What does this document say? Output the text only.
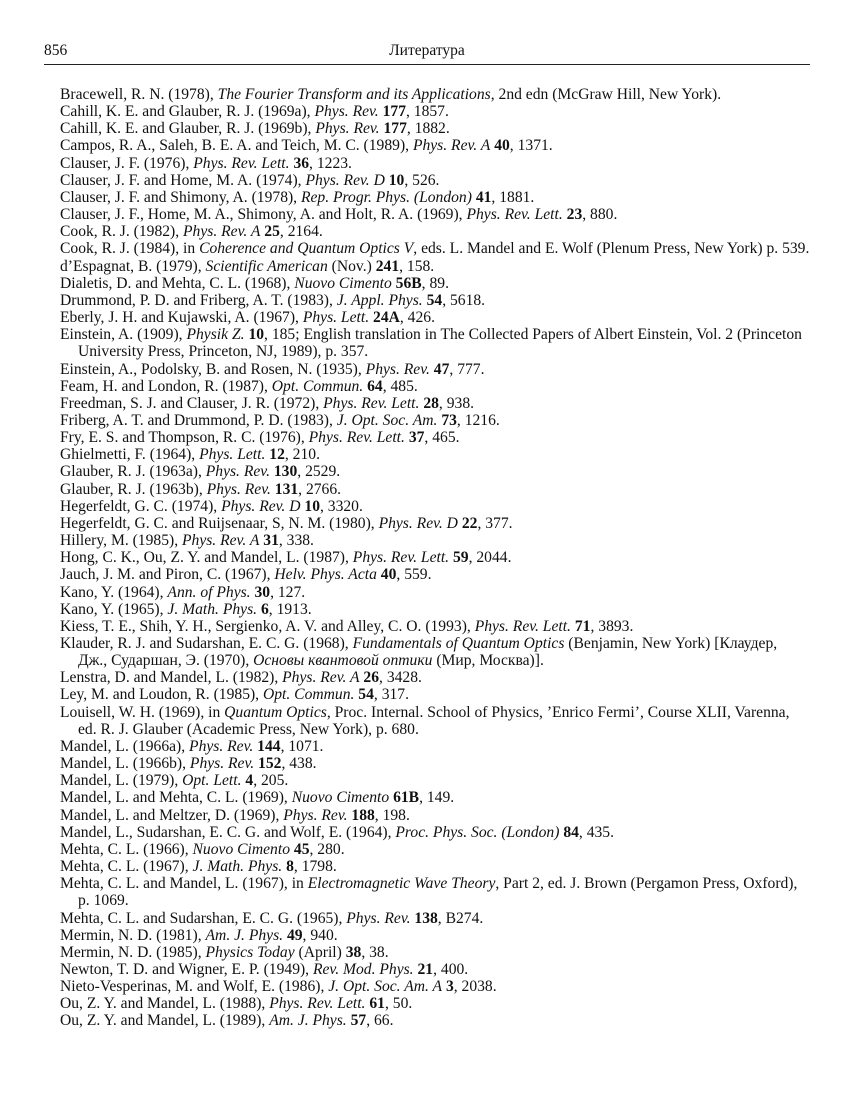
856	Литература
Bracewell, R. N. (1978), The Fourier Transform and its Applications, 2nd edn (McGraw Hill, New York).
Cahill, K. E. and Glauber, R. J. (1969a), Phys. Rev. 177, 1857.
Cahill, K. E. and Glauber, R. J. (1969b), Phys. Rev. 177, 1882.
Campos, R. A., Saleh, B. E. A. and Teich, M. C. (1989), Phys. Rev. A 40, 1371.
Clauser, J. F. (1976), Phys. Rev. Lett. 36, 1223.
Clauser, J. F. and Home, M. A. (1974), Phys. Rev. D 10, 526.
Clauser, J. F. and Shimony, A. (1978), Rep. Progr. Phys. (London) 41, 1881.
Clauser, J. F., Home, M. A., Shimony, A. and Holt, R. A. (1969), Phys. Rev. Lett. 23, 880.
Cook, R. J. (1982), Phys. Rev. A 25, 2164.
Cook, R. J. (1984), in Coherence and Quantum Optics V, eds. L. Mandel and E. Wolf (Plenum Press, New York) p. 539.
d’Espagnat, B. (1979), Scientific American (Nov.) 241, 158.
Dialetis, D. and Mehta, C. L. (1968), Nuovo Cimento 56B, 89.
Drummond, P. D. and Friberg, A. T. (1983), J. Appl. Phys. 54, 5618.
Eberly, J. H. and Kujawski, A. (1967), Phys. Lett. 24A, 426.
Einstein, A. (1909), Physik Z. 10, 185; English translation in The Collected Papers of Albert Einstein, Vol. 2 (Princeton University Press, Princeton, NJ, 1989), p. 357.
Einstein, A., Podolsky, B. and Rosen, N. (1935), Phys. Rev. 47, 777.
Feam, H. and London, R. (1987), Opt. Commun. 64, 485.
Freedman, S. J. and Clauser, J. R. (1972), Phys. Rev. Lett. 28, 938.
Friberg, A. T. and Drummond, P. D. (1983), J. Opt. Soc. Am. 73, 1216.
Fry, E. S. and Thompson, R. C. (1976), Phys. Rev. Lett. 37, 465.
Ghielmetti, F. (1964), Phys. Lett. 12, 210.
Glauber, R. J. (1963a), Phys. Rev. 130, 2529.
Glauber, R. J. (1963b), Phys. Rev. 131, 2766.
Hegerfeldt, G. C. (1974), Phys. Rev. D 10, 3320.
Hegerfeldt, G. C. and Ruijsenaar, S, N. M. (1980), Phys. Rev. D 22, 377.
Hillery, M. (1985), Phys. Rev. A 31, 338.
Hong, C. K., Ou, Z. Y. and Mandel, L. (1987), Phys. Rev. Lett. 59, 2044.
Jauch, J. M. and Piron, C. (1967), Helv. Phys. Acta 40, 559.
Kano, Y. (1964), Ann. of Phys. 30, 127.
Kano, Y. (1965), J. Math. Phys. 6, 1913.
Kiess, T. E., Shih, Y. H., Sergienko, A. V. and Alley, C. O. (1993), Phys. Rev. Lett. 71, 3893.
Klauder, R. J. and Sudarshan, E. C. G. (1968), Fundamentals of Quantum Optics (Benjamin, New York) [Клаудер, Дж., Сударшан, Э. (1970), Основы квантовой оптики (Мир, Москва)].
Lenstra, D. and Mandel, L. (1982), Phys. Rev. A 26, 3428.
Ley, M. and Loudon, R. (1985), Opt. Commun. 54, 317.
Louisell, W. H. (1969), in Quantum Optics, Proc. Internal. School of Physics, ’Enrico Fermi’, Course XLII, Varenna, ed. R. J. Glauber (Academic Press, New York), p. 680.
Mandel, L. (1966a), Phys. Rev. 144, 1071.
Mandel, L. (1966b), Phys. Rev. 152, 438.
Mandel, L. (1979), Opt. Lett. 4, 205.
Mandel, L. and Mehta, C. L. (1969), Nuovo Cimento 61B, 149.
Mandel, L. and Meltzer, D. (1969), Phys. Rev. 188, 198.
Mandel, L., Sudarshan, E. C. G. and Wolf, E. (1964), Proc. Phys. Soc. (London) 84, 435.
Mehta, C. L. (1966), Nuovo Cimento 45, 280.
Mehta, C. L. (1967), J. Math. Phys. 8, 1798.
Mehta, C. L. and Mandel, L. (1967), in Electromagnetic Wave Theory, Part 2, ed. J. Brown (Pergamon Press, Oxford), p. 1069.
Mehta, C. L. and Sudarshan, E. C. G. (1965), Phys. Rev. 138, B274.
Mermin, N. D. (1981), Am. J. Phys. 49, 940.
Mermin, N. D. (1985), Physics Today (April) 38, 38.
Newton, T. D. and Wigner, E. P. (1949), Rev. Mod. Phys. 21, 400.
Nieto-Vesperinas, M. and Wolf, E. (1986), J. Opt. Soc. Am. A 3, 2038.
Ou, Z. Y. and Mandel, L. (1988), Phys. Rev. Lett. 61, 50.
Ou, Z. Y. and Mandel, L. (1989), Am. J. Phys. 57, 66.
